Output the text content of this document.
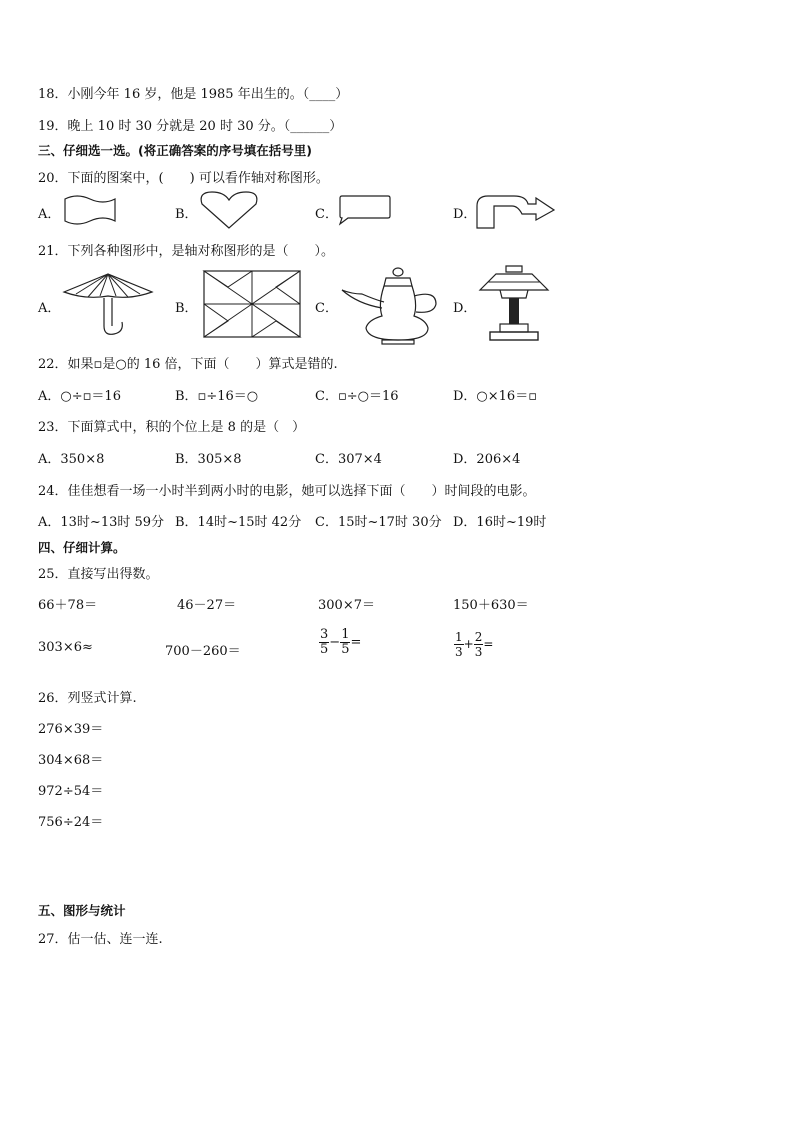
18．小刚今年 16 岁，他是 1985 年出生的。（____）
19．晚上 10 时 30 分就是 20 时 30 分。（______）
三、仔细选一选。(将正确答案的序号填在括号里)
20．下面的图案中，(　　) 可以看作轴对称图形。
A．	B．	C．	D．
21．下列各种图形中，是轴对称图形的是（　　）。
A．	B．	C．	D．
22．如果▫是○的 16 倍，下面（　　）算式是错的.
A．○÷▫＝16	B．▫÷16＝○	C．▫÷○＝16	D．○×16＝▫
23．下面算式中，积的个位上是 8 的是（　）
A．350×8	B．305×8	C．307×4	D．206×4
24．佳佳想看一场一小时半到两小时的电影，她可以选择下面（　　）时间段的电影。
A．13时~13时 59分 B．14时~15时 42分 C．15时~17时 30分 D．16时~19时
四、仔细计算。
25．直接写出得数。
66＋78＝	46－27＝	300×7＝	150＋630＝
303×6≈	700－260＝	$\frac{3}{5} - \frac{1}{5}$ =	$\frac{1}{3} + \frac{2}{3}$ =
26．列竖式计算.
276×39＝
304×68＝
972÷54＝
756÷24＝
五、图形与统计
27．估一估、连一连.
